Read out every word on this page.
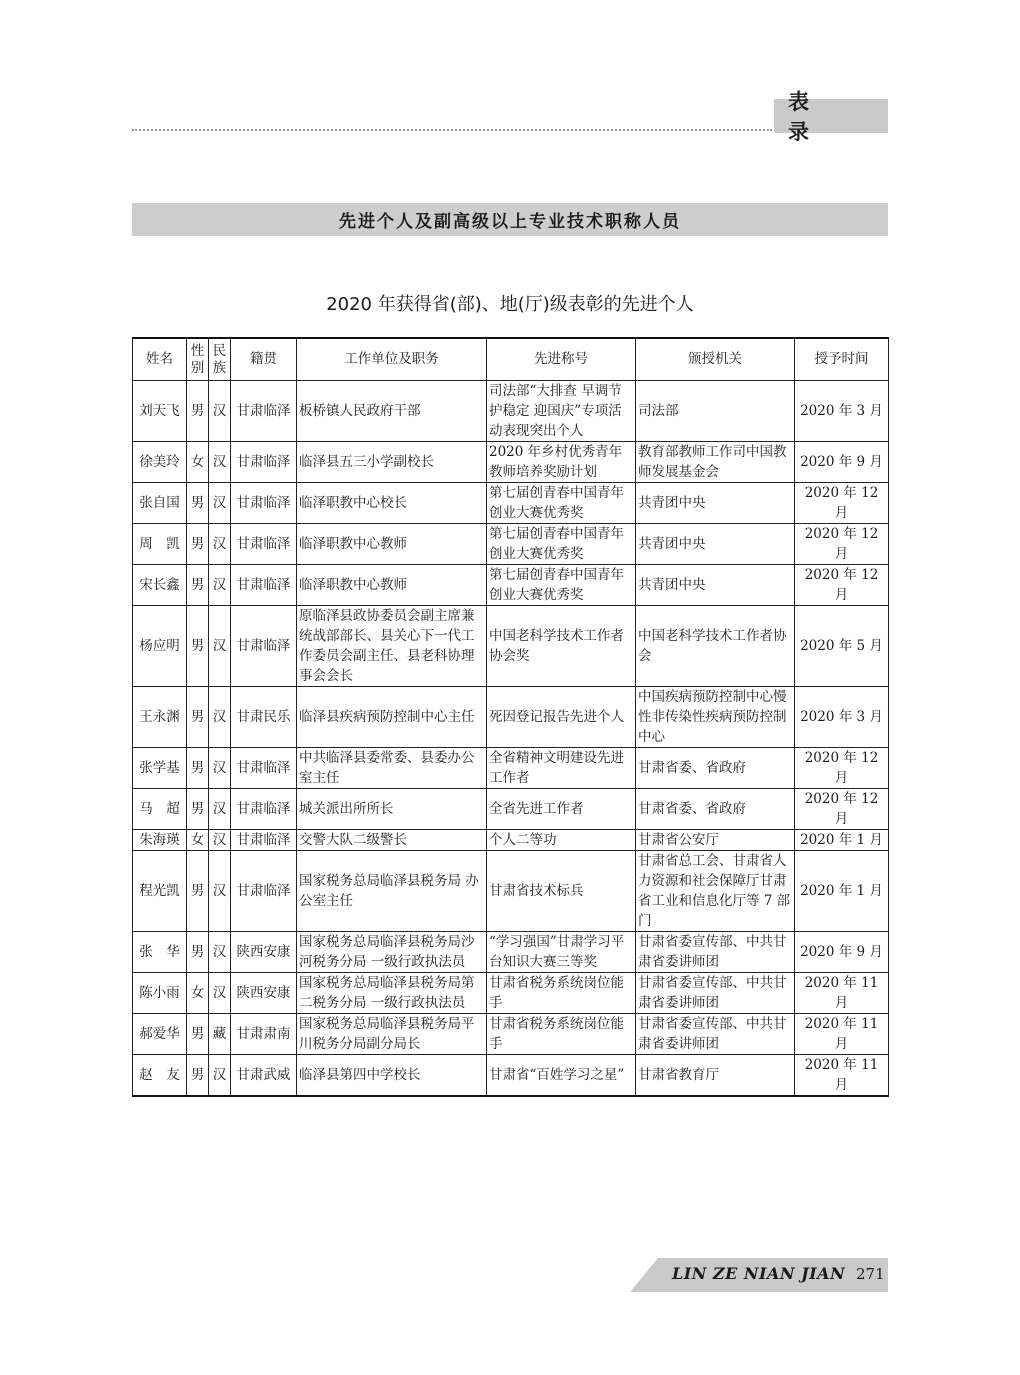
表 录
先进个人及副高级以上专业技术职称人员
2020 年获得省(部)、地(厅)级表彰的先进个人
姓名	性别	民族	籍贯	工作单位及职务	先进称号	颁授机关	授予时间
刘天飞	男	汉	甘肃临泽	板桥镇人民政府干部	司法部“大排查 早调节 护稳定 迎国庆”专项活动表现突出个人	司法部	2020 年 3 月
徐美玲	女	汉	甘肃临泽	临泽县五三小学副校长	2020 年乡村优秀青年教师培养奖励计划	教育部教师工作司中国教师发展基金会	2020 年 9 月
张自国	男	汉	甘肃临泽	临泽职教中心校长	第七届创青春中国青年创业大赛优秀奖	共青团中央	2020 年 12 月
周　凯	男	汉	甘肃临泽	临泽职教中心教师	第七届创青春中国青年创业大赛优秀奖	共青团中央	2020 年 12 月
宋长鑫	男	汉	甘肃临泽	临泽职教中心教师	第七届创青春中国青年创业大赛优秀奖	共青团中央	2020 年 12 月
杨应明	男	汉	甘肃临泽	原临泽县政协委员会副主席兼统战部部长、县关心下一代工作委员会副主任、县老科协理事会会长	中国老科学技术工作者协会奖	中国老科学技术工作者协会	2020 年 5 月
王永渊	男	汉	甘肃民乐	临泽县疾病预防控制中心主任	死因登记报告先进个人	中国疾病预防控制中心慢性非传染性疾病预防控制中心	2020 年 3 月
张学基	男	汉	甘肃临泽	中共临泽县委常委、县委办公室主任	全省精神文明建设先进工作者	甘肃省委、省政府	2020 年 12 月
马　超	男	汉	甘肃临泽	城关派出所所长	全省先进工作者	甘肃省委、省政府	2020 年 12 月
朱海瑛	女	汉	甘肃临泽	交警大队二级警长	个人二等功	甘肃省公安厅	2020 年 1 月
程光凯	男	汉	甘肃临泽	国家税务总局临泽县税务局 办公室主任	甘肃省技术标兵	甘肃省总工会、甘肃省人力资源和社会保障厅甘肃省工业和信息化厅等 7 部门	2020 年 1 月
张　华	男	汉	陕西安康	国家税务总局临泽县税务局沙河税务分局 一级行政执法员	“学习强国”甘肃学习平台知识大赛三等奖	甘肃省委宣传部、中共甘肃省委讲师团	2020 年 9 月
陈小雨	女	汉	陕西安康	国家税务总局临泽县税务局第二税务分局 一级行政执法员	甘肃省税务系统岗位能手	甘肃省委宣传部、中共甘肃省委讲师团	2020 年 11 月
郝爱华	男	藏	甘肃肃南	国家税务总局临泽县税务局平川税务分局副分局长	甘肃省税务系统岗位能手	甘肃省委宣传部、中共甘肃省委讲师团	2020 年 11 月
赵　友	男	汉	甘肃武威	临泽县第四中学校长	甘肃省“百姓学习之星”	甘肃省教育厅	2020 年 11 月
LIN ZE NIAN JIAN 271
